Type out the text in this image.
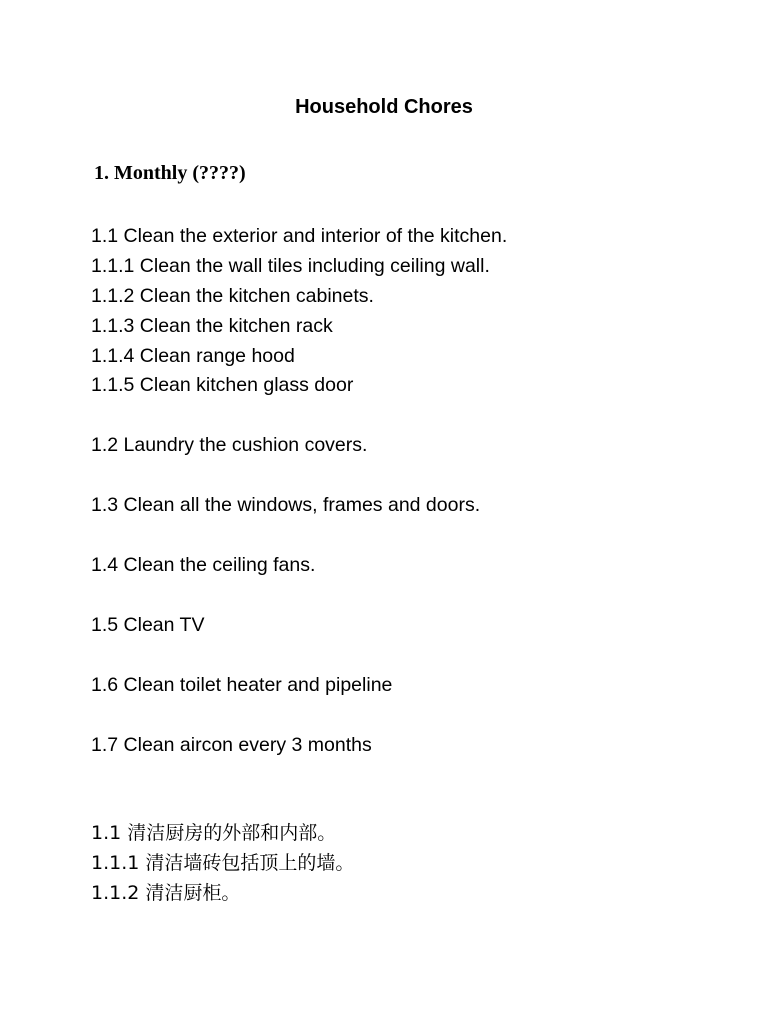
Household Chores
1. Monthly (????)

1.1 Clean the exterior and interior of the kitchen.

1.1.1 Clean the wall tiles including ceiling wall.

1.1.2 Clean the kitchen cabinets.

1.1.3 Clean the kitchen rack

1.1.4 Clean range hood

1.1.5 Clean kitchen glass door

1.2 Laundry the cushion covers.

1.3 Clean all the windows, frames and doors.

1.4 Clean the ceiling fans.

1.5 Clean TV

1.6 Clean toilet heater and pipeline

1.7 Clean aircon every 3 months

1.1 清洁厨房的外部和内部。

1.1.1 清洁墙砖包括顶上的墙。

1.1.2 清洁厨柜。
